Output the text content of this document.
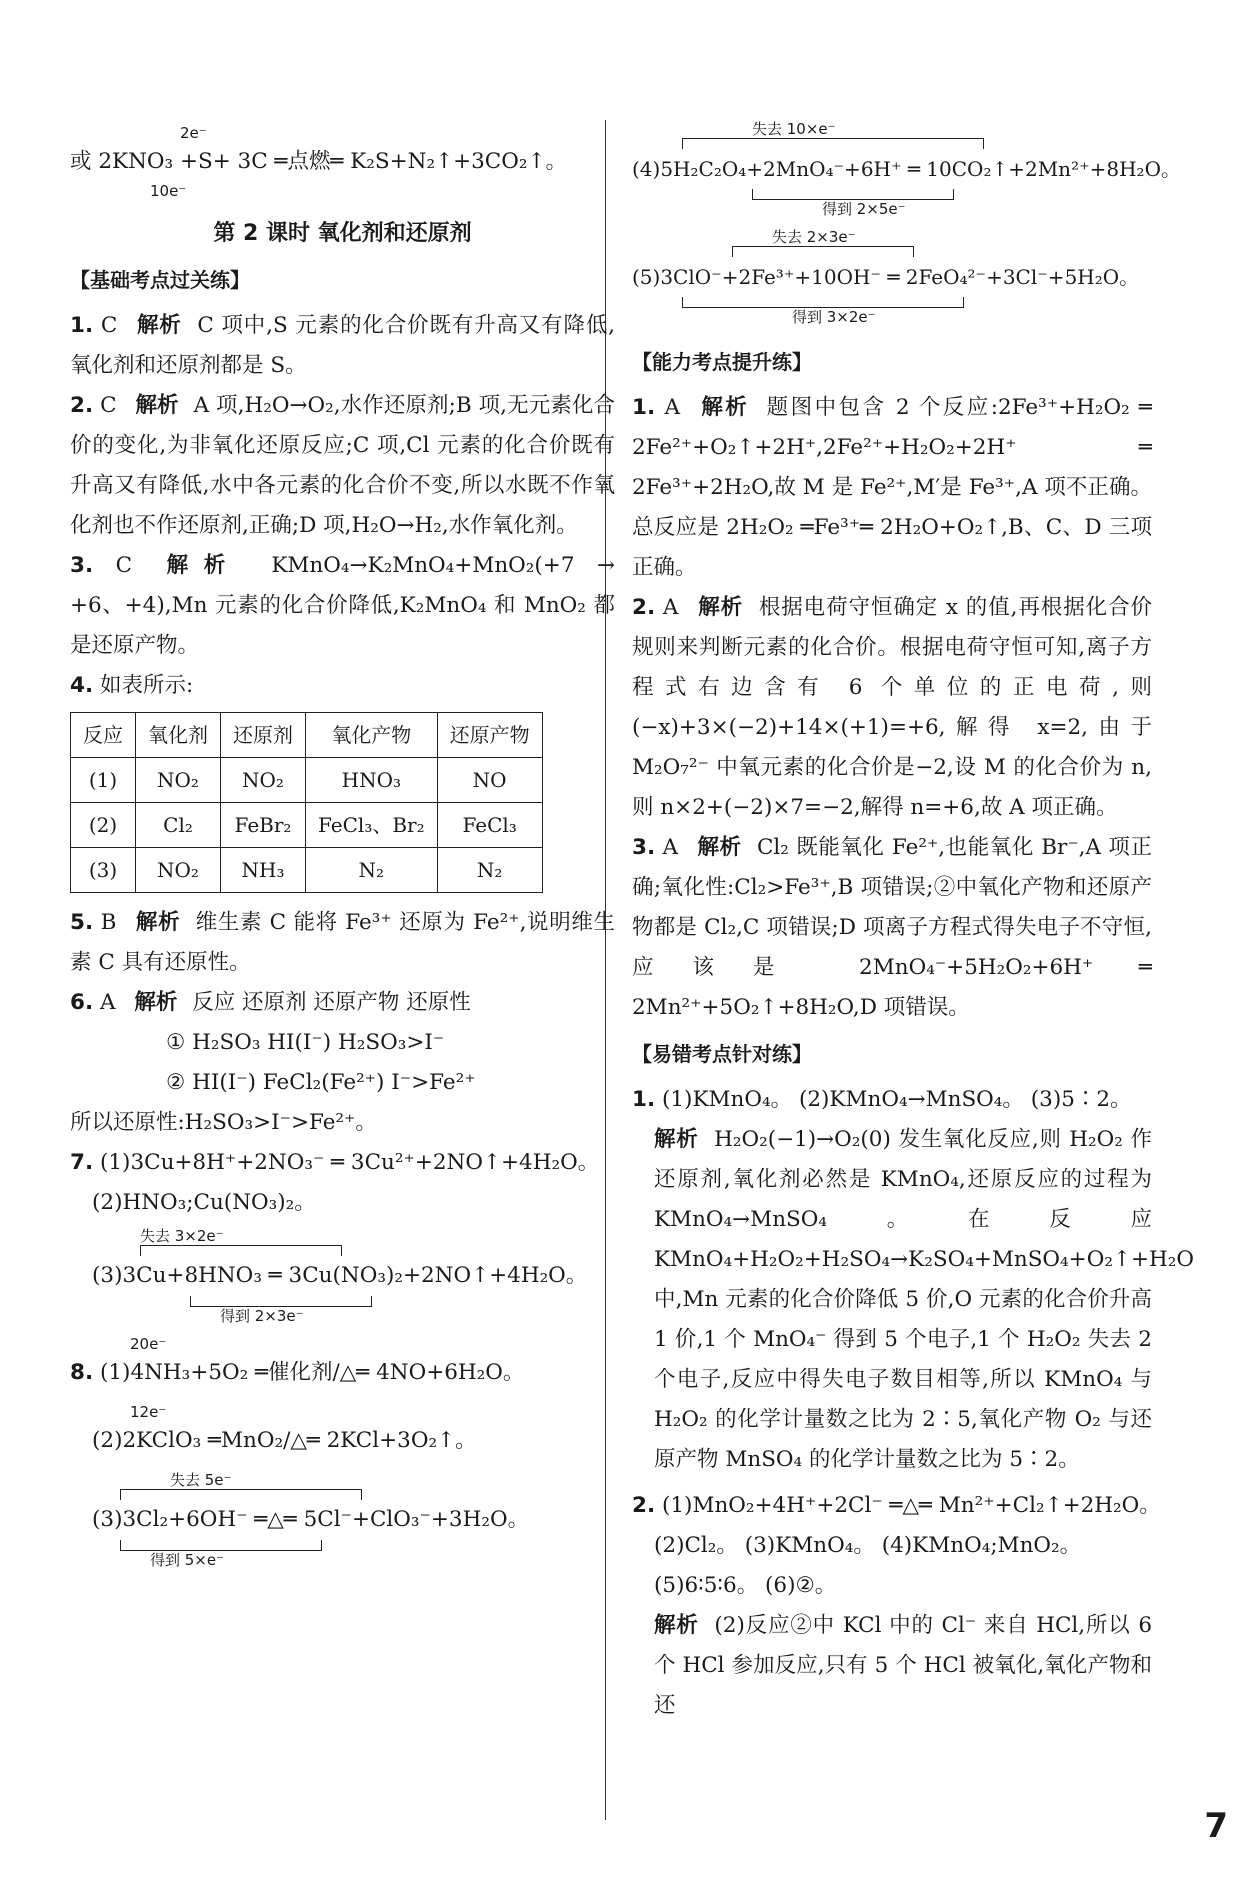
2e⁻
或 2KNO₃ +S+ 3C ═点燃═ K₂S+N₂↑+3CO₂↑。
10e⁻
第 2 课时 氧化剂和还原剂
【基础考点过关练】
1. C 解析 C 项中,S 元素的化合价既有升高又有降低,氧化剂和还原剂都是 S。
2. C 解析 A 项,H₂O→O₂,水作还原剂;B 项,无元素化合价的变化,为非氧化还原反应;C 项,Cl 元素的化合价既有升高又有降低,水中各元素的化合价不变,所以水既不作氧化剂也不作还原剂,正确;D 项,H₂O→H₂,水作氧化剂。
3. C 解析 KMnO₄→K₂MnO₄+MnO₂(+7 → +6、+4),Mn 元素的化合价降低,K₂MnO₄ 和 MnO₂ 都是还原产物。
4. 如表所示:
反应	氧化剂	还原剂	氧化产物	还原产物
(1)	NO₂	NO₂	HNO₃	NO
(2)	Cl₂	FeBr₂	FeCl₃、Br₂	FeCl₃
(3)	NO₂	NH₃	N₂	N₂
5. B 解析 维生素 C 能将 Fe³⁺ 还原为 Fe²⁺,说明维生素 C 具有还原性。
6. A 解析 反应 还原剂 还原产物 还原性
① H₂SO₃ HI(I⁻) H₂SO₃>I⁻
② HI(I⁻) FeCl₂(Fe²⁺) I⁻>Fe²⁺
所以还原性:H₂SO₃>I⁻>Fe²⁺。
7. (1)3Cu+8H⁺+2NO₃⁻ ═ 3Cu²⁺+2NO↑+4H₂O。
(2)HNO₃;Cu(NO₃)₂。
失去 3×2e⁻
(3)3Cu+8HNO₃ ═ 3Cu(NO₃)₂+2NO↑+4H₂O。
得到 2×3e⁻
20e⁻
8. (1)4NH₃+5O₂ ═催化剂/△═ 4NO+6H₂O。
12e⁻
(2)2KClO₃ ═MnO₂/△═ 2KCl+3O₂↑。
失去 5e⁻
(3)3Cl₂+6OH⁻ ═△═ 5Cl⁻+ClO₃⁻+3H₂O。
得到 5×e⁻
失去 10×e⁻
(4)5H₂C₂O₄+2MnO₄⁻+6H⁺ ═ 10CO₂↑+2Mn²⁺+8H₂O。
得到 2×5e⁻
失去 2×3e⁻
(5)3ClO⁻+2Fe³⁺+10OH⁻ ═ 2FeO₄²⁻+3Cl⁻+5H₂O。
得到 3×2e⁻
【能力考点提升练】
1. A 解析 题图中包含 2 个反应:2Fe³⁺+H₂O₂ ═ 2Fe²⁺+O₂↑+2H⁺,2Fe²⁺+H₂O₂+2H⁺ ═ 2Fe³⁺+2H₂O,故 M 是 Fe²⁺,M′是 Fe³⁺,A 项不正确。总反应是 2H₂O₂ ═Fe³⁺═ 2H₂O+O₂↑,B、C、D 三项正确。
2. A 解析 根据电荷守恒确定 x 的值,再根据化合价规则来判断元素的化合价。根据电荷守恒可知,离子方程式右边含有 6 个单位的正电荷,则(−x)+3×(−2)+14×(+1)=+6,解得 x=2,由于 M₂O₇²⁻ 中氧元素的化合价是−2,设 M 的化合价为 n,则 n×2+(−2)×7=−2,解得 n=+6,故 A 项正确。
3. A 解析 Cl₂ 既能氧化 Fe²⁺,也能氧化 Br⁻,A 项正确;氧化性:Cl₂>Fe³⁺,B 项错误;②中氧化产物和还原产物都是 Cl₂,C 项错误;D 项离子方程式得失电子不守恒,应该是 2MnO₄⁻+5H₂O₂+6H⁺ ═ 2Mn²⁺+5O₂↑+8H₂O,D 项错误。
【易错考点针对练】
1. (1)KMnO₄。 (2)KMnO₄→MnSO₄。 (3)5∶2。
解析 H₂O₂(−1)→O₂(0) 发生氧化反应,则 H₂O₂ 作还原剂,氧化剂必然是 KMnO₄,还原反应的过程为 KMnO₄→MnSO₄。在反应 KMnO₄+H₂O₂+H₂SO₄→K₂SO₄+MnSO₄+O₂↑+H₂O 中,Mn 元素的化合价降低 5 价,O 元素的化合价升高 1 价,1 个 MnO₄⁻ 得到 5 个电子,1 个 H₂O₂ 失去 2 个电子,反应中得失电子数目相等,所以 KMnO₄ 与 H₂O₂ 的化学计量数之比为 2∶5,氧化产物 O₂ 与还原产物 MnSO₄ 的化学计量数之比为 5∶2。
2. (1)MnO₂+4H⁺+2Cl⁻ ═△═ Mn²⁺+Cl₂↑+2H₂O。
(2)Cl₂。 (3)KMnO₄。 (4)KMnO₄;MnO₂。
(5)6∶5∶6。 (6)②。
解析 (2)反应②中 KCl 中的 Cl⁻ 来自 HCl,所以 6 个 HCl 参加反应,只有 5 个 HCl 被氧化,氧化产物和还
7
